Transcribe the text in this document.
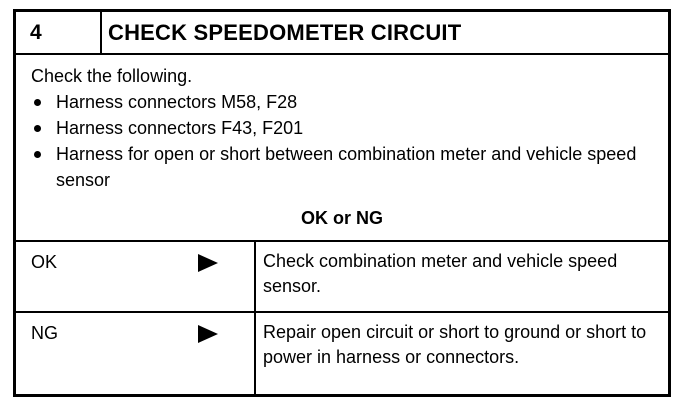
4	CHECK SPEEDOMETER CIRCUIT
Check the following.
Harness connectors M58, F28
Harness connectors F43, F201
Harness for open or short between combination meter and vehicle speed sensor
OK or NG
OK	Check combination meter and vehicle speed sensor.
NG	Repair open circuit or short to ground or short to power in harness or connectors.
